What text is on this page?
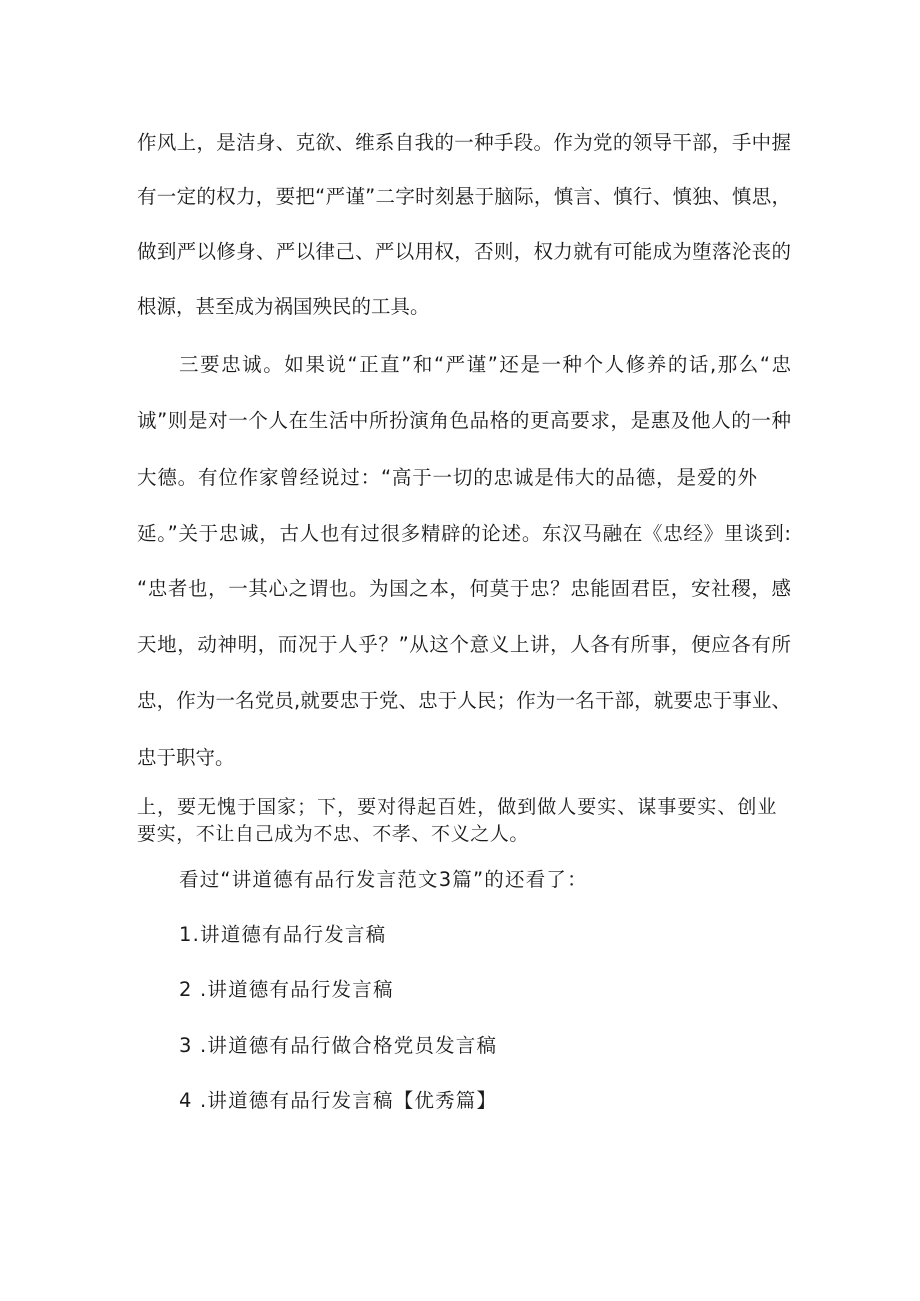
作风上，是洁身、克欲、维系自我的一种手段。作为党的领导干部，手中握
有一定的权力，要把“严谨”二字时刻悬于脑际，慎言、慎行、慎独、慎思，
做到严以修身、严以律己、严以用权，否则，权力就有可能成为堕落沦丧的
根源，甚至成为祸国殃民的工具。
三要忠诚。如果说“正直”和“严谨”还是一种个人修养的话,那么“忠
诚”则是对一个人在生活中所扮演角色品格的更高要求，是惠及他人的一种
大德。有位作家曾经说过：“高于一切的忠诚是伟大的品德，是爱的外
延。”关于忠诚，古人也有过很多精辟的论述。东汉马融在《忠经》里谈到:
“忠者也，一其心之谓也。为国之本，何莫于忠？忠能固君臣，安社稷，感
天地，动神明，而况于人乎？”从这个意义上讲，人各有所事，便应各有所
忠，作为一名党员,就要忠于党、忠于人民；作为一名干部，就要忠于事业、
忠于职守。
上，要无愧于国家；下，要对得起百姓，做到做人要实、谋事要实、创业
要实，不让自己成为不忠、不孝、不义之人。
看过“讲道德有品行发言范文3篇”的还看了：
1.讲道德有品行发言稿
2 .讲道德有品行发言稿
3 .讲道德有品行做合格党员发言稿
4 .讲道德有品行发言稿【优秀篇】
